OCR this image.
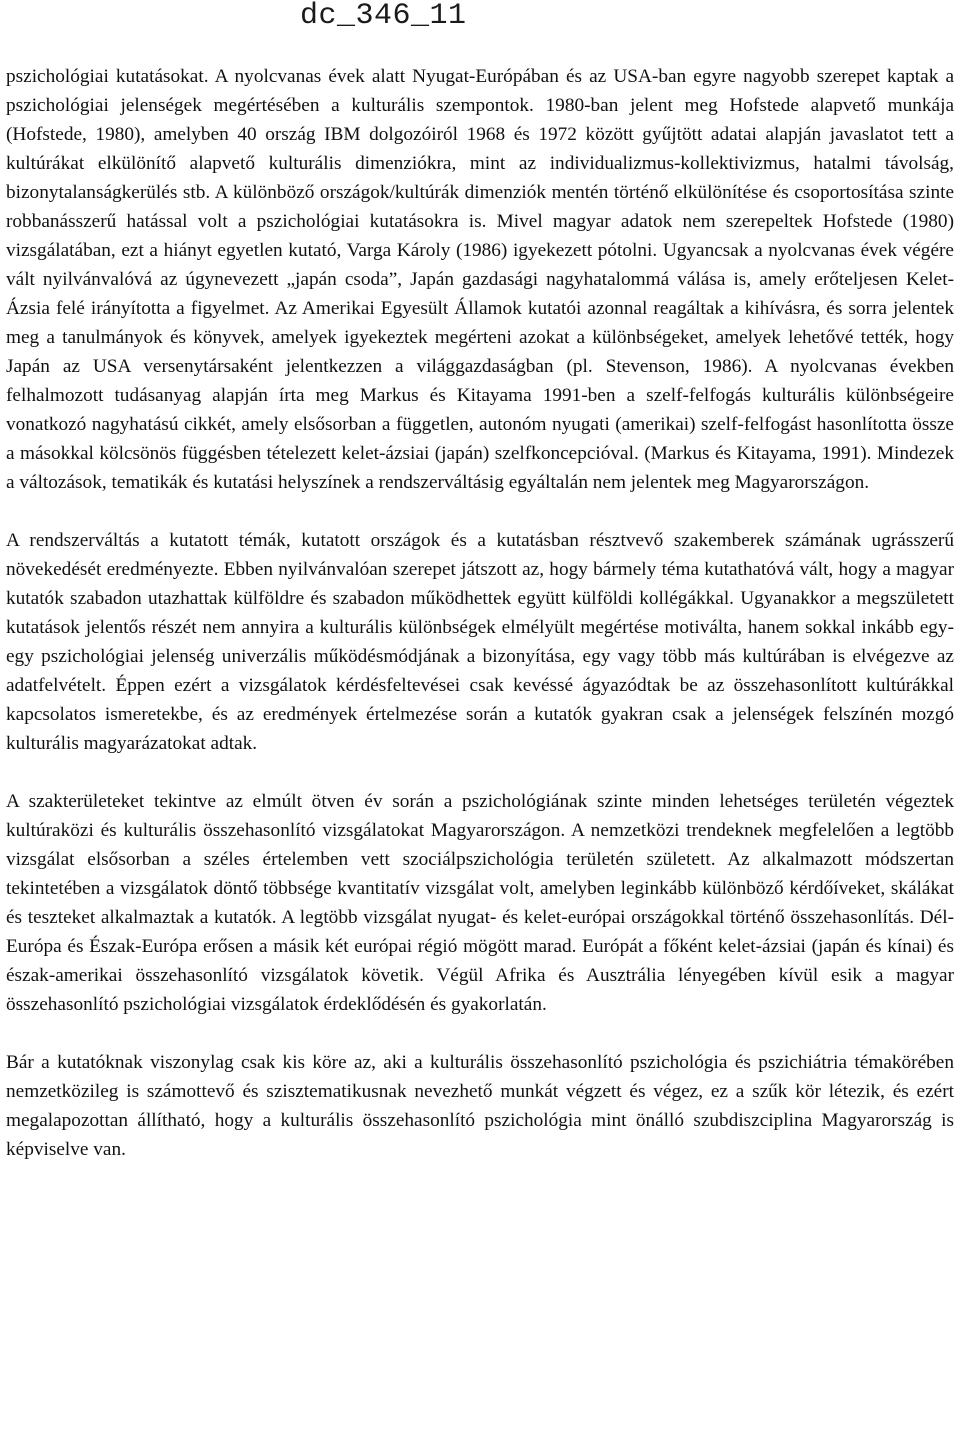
dc_346_11

pszichológiai kutatásokat. A nyolcvanas évek alatt Nyugat-Európában és az USA-ban egyre nagyobb szerepet kaptak a pszichológiai jelenségek megértésében a kulturális szempontok. 1980-ban jelent meg Hofstede alapvető munkája (Hofstede, 1980), amelyben 40 ország IBM dolgozóiról 1968 és 1972 között gyűjtött adatai alapján javaslatot tett a kultúrákat elkülönítő alapvető kulturális dimenziókra, mint az individualizmus-kollektivizmus, hatalmi távolság, bizonytalanságkerülés stb. A különböző országok/kultúrák dimenziók mentén történő elkülönítése és csoportosítása szinte robbanásszerű hatással volt a pszichológiai kutatásokra is. Mivel magyar adatok nem szerepeltek Hofstede (1980) vizsgálatában, ezt a hiányt egyetlen kutató, Varga Károly (1986) igyekezett pótolni. Ugyancsak a nyolcvanas évek végére vált nyilvánvalóvá az úgynevezett „japán csoda”, Japán gazdasági nagyhatalommá válása is, amely erőteljesen Kelet-Ázsia felé irányította a figyelmet. Az Amerikai Egyesült Államok kutatói azonnal reagáltak a kihívásra, és sorra jelentek meg a tanulmányok és könyvek, amelyek igyekeztek megérteni azokat a különbségeket, amelyek lehetővé tették, hogy Japán az USA versenytársaként jelentkezzen a világgazdaságban (pl. Stevenson, 1986). A nyolcvanas években felhalmozott tudásanyag alapján írta meg Markus és Kitayama 1991-ben a szelf-felfogás kulturális különbségeire vonatkozó nagyhatású cikkét, amely elsősorban a független, autonóm nyugati (amerikai) szelf-felfogást hasonlította össze a másokkal kölcsönös függésben tételezett kelet-ázsiai (japán) szelfkoncepcióval. (Markus és Kitayama, 1991). Mindezek a változások, tematikák és kutatási helyszínek a rendszerváltásig egyáltalán nem jelentek meg Magyarországon.

A rendszerváltás a kutatott témák, kutatott országok és a kutatásban résztvevő szakemberek számának ugrásszerű növekedését eredményezte. Ebben nyilvánvalóan szerepet játszott az, hogy bármely téma kutathatóvá vált, hogy a magyar kutatók szabadon utazhattak külföldre és szabadon működhettek együtt külföldi kollégákkal. Ugyanakkor a megszületett kutatások jelentős részét nem annyira a kulturális különbségek elmélyült megértése motiválta, hanem sokkal inkább egy-egy pszichológiai jelenség univerzális működésmódjának a bizonyítása, egy vagy több más kultúrában is elvégezve az adatfelvételt. Éppen ezért a vizsgálatok kérdésfeltevései csak kevéssé ágyazódtak be az összehasonlított kultúrákkal kapcsolatos ismeretekbe, és az eredmények értelmezése során a kutatók gyakran csak a jelenségek felszínén mozgó kulturális magyarázatokat adtak.

A szakterületeket tekintve az elmúlt ötven év során a pszichológiának szinte minden lehetséges területén végeztek kultúraközi és kulturális összehasonlító vizsgálatokat Magyarországon. A nemzetközi trendeknek megfelelően a legtöbb vizsgálat elsősorban a széles értelemben vett szociálpszichológia területén született. Az alkalmazott módszertan tekintetében a vizsgálatok döntő többsége kvantitatív vizsgálat volt, amelyben leginkább különböző kérdőíveket, skálákat és teszteket alkalmaztak a kutatók. A legtöbb vizsgálat nyugat- és kelet-európai országokkal történő összehasonlítás. Dél-Európa és Észak-Európa erősen a másik két európai régió mögött marad. Európát a főként kelet-ázsiai (japán és kínai) és észak-amerikai összehasonlító vizsgálatok követik. Végül Afrika és Ausztrália lényegében kívül esik a magyar összehasonlító pszichológiai vizsgálatok érdeklődésén és gyakorlatán.

Bár a kutatóknak viszonylag csak kis köre az, aki a kulturális összehasonlító pszichológia és pszichiátria témakörében nemzetközileg is számottevő és szisztematikusnak nevezhető munkát végzett és végez, ez a szűk kör létezik, és ezért megalapozottan állítható, hogy a kulturális összehasonlító pszichológia mint önálló szubdiszciplina Magyarország is képviselve van.
